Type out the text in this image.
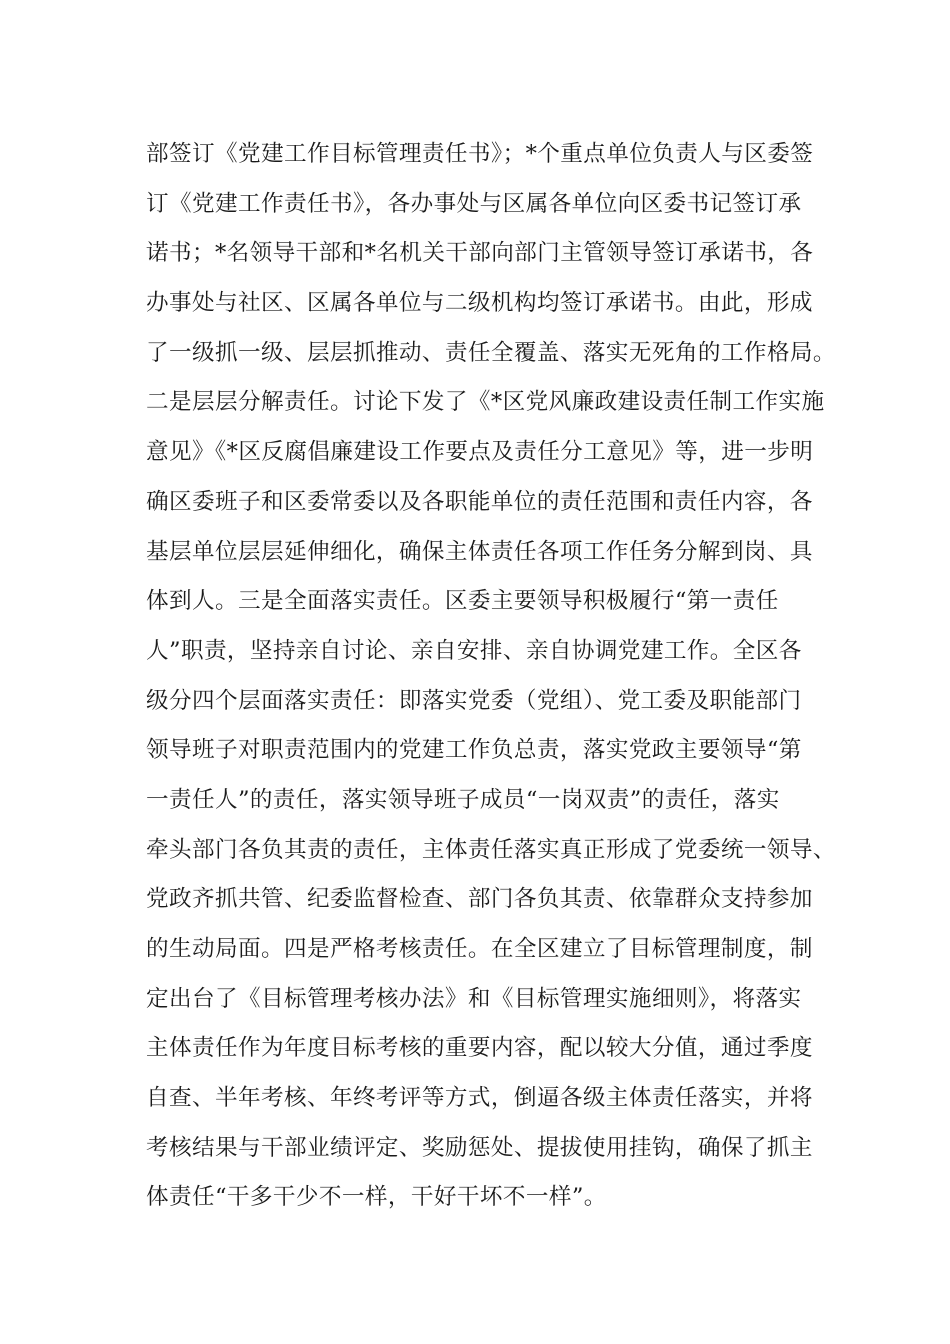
部签订《党建工作目标管理责任书》；*个重点单位负责人与区委签
订《党建工作责任书》，各办事处与区属各单位向区委书记签订承
诺书；*名领导干部和*名机关干部向部门主管领导签订承诺书，各
办事处与社区、区属各单位与二级机构均签订承诺书。由此，形成
了一级抓一级、层层抓推动、责任全覆盖、落实无死角的工作格局。
二是层层分解责任。讨论下发了《*区党风廉政建设责任制工作实施
意见》《*区反腐倡廉建设工作要点及责任分工意见》等，进一步明
确区委班子和区委常委以及各职能单位的责任范围和责任内容，各
基层单位层层延伸细化，确保主体责任各项工作任务分解到岗、具
体到人。三是全面落实责任。区委主要领导积极履行“第一责任
人”职责，坚持亲自讨论、亲自安排、亲自协调党建工作。全区各
级分四个层面落实责任：即落实党委（党组）、党工委及职能部门
领导班子对职责范围内的党建工作负总责，落实党政主要领导“第
一责任人”的责任，落实领导班子成员“一岗双责”的责任，落实
牵头部门各负其责的责任，主体责任落实真正形成了党委统一领导、
党政齐抓共管、纪委监督检查、部门各负其责、依靠群众支持参加
的生动局面。四是严格考核责任。在全区建立了目标管理制度，制
定出台了《目标管理考核办法》和《目标管理实施细则》，将落实
主体责任作为年度目标考核的重要内容，配以较大分值，通过季度
自查、半年考核、年终考评等方式，倒逼各级主体责任落实，并将
考核结果与干部业绩评定、奖励惩处、提拔使用挂钩，确保了抓主
体责任“干多干少不一样，干好干坏不一样”。
